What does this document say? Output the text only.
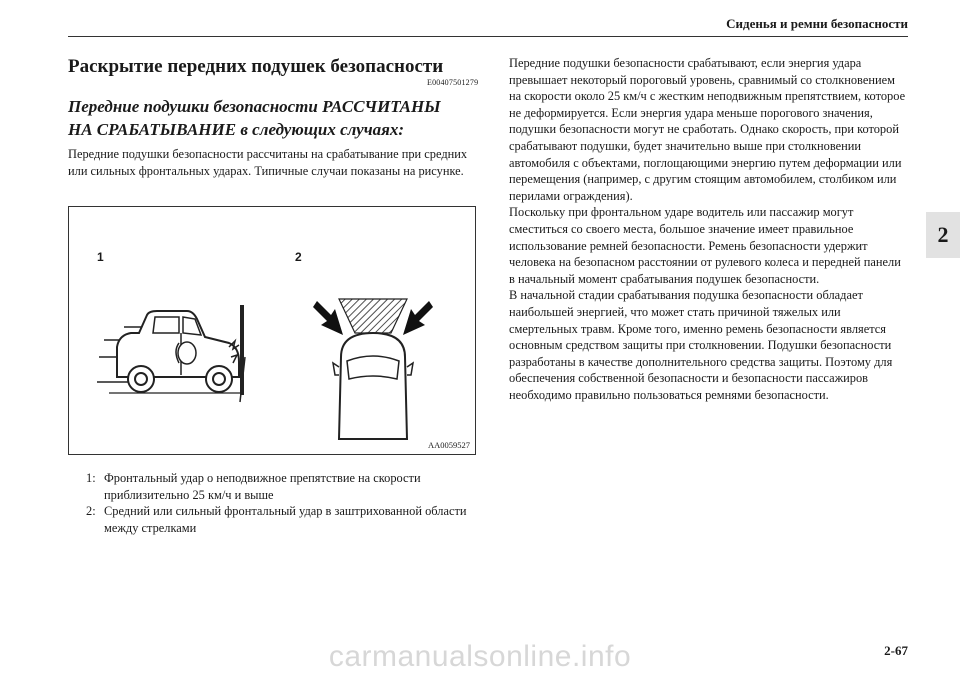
Сиденья и ремни безопасности
2
Раскрытие передних подушек безопасности
E00407501279
Передние подушки безопасности РАССЧИТАНЫ НА СРАБАТЫВАНИЕ в следующих случаях:
Передние подушки безопасности рассчитаны на срабатывание при средних или сильных фронтальных ударах. Типичные случаи показаны на рисунке.
1	2
AA0059527
1: Фронтальный удар о неподвижное препятствие на скорости приблизительно 25 км/ч и выше
2: Средний или сильный фронтальный удар в заштрихованной области между стрелками

Передние подушки безопасности срабатывают, если энергия удара превышает некоторый пороговый уровень, сравнимый со столкновением на скорости около 25 км/ч с жестким неподвижным препятствием, которое не деформируется. Если энергия удара меньше порогового значения, подушки безопасности могут не сработать. Однако скорость, при которой срабатывают подушки, будет значительно выше при столкновении автомобиля с объектами, поглощающими энергию путем деформации или перемещения (например, с другим стоящим автомобилем, столбиком или перилами ограждения).

Поскольку при фронтальном ударе водитель или пассажир могут сместиться со своего места, большое значение имеет правильное использование ремней безопасности. Ремень безопасности удержит человека на безопасном расстоянии от рулевого колеса и передней панели в начальный момент срабатывания подушек безопасности.

В начальной стадии срабатывания подушка безопасности обладает наибольшей энергией, что может стать причиной тяжелых или смертельных травм. Кроме того, именно ремень безопасности является основным средством защиты при столкновении. Подушки безопасности разработаны в качестве дополнительного средства защиты. Поэтому для обеспечения собственной безопасности и безопасности пассажиров необходимо правильно пользоваться ремнями безопасности.

2-67
carmanualsonline.info
